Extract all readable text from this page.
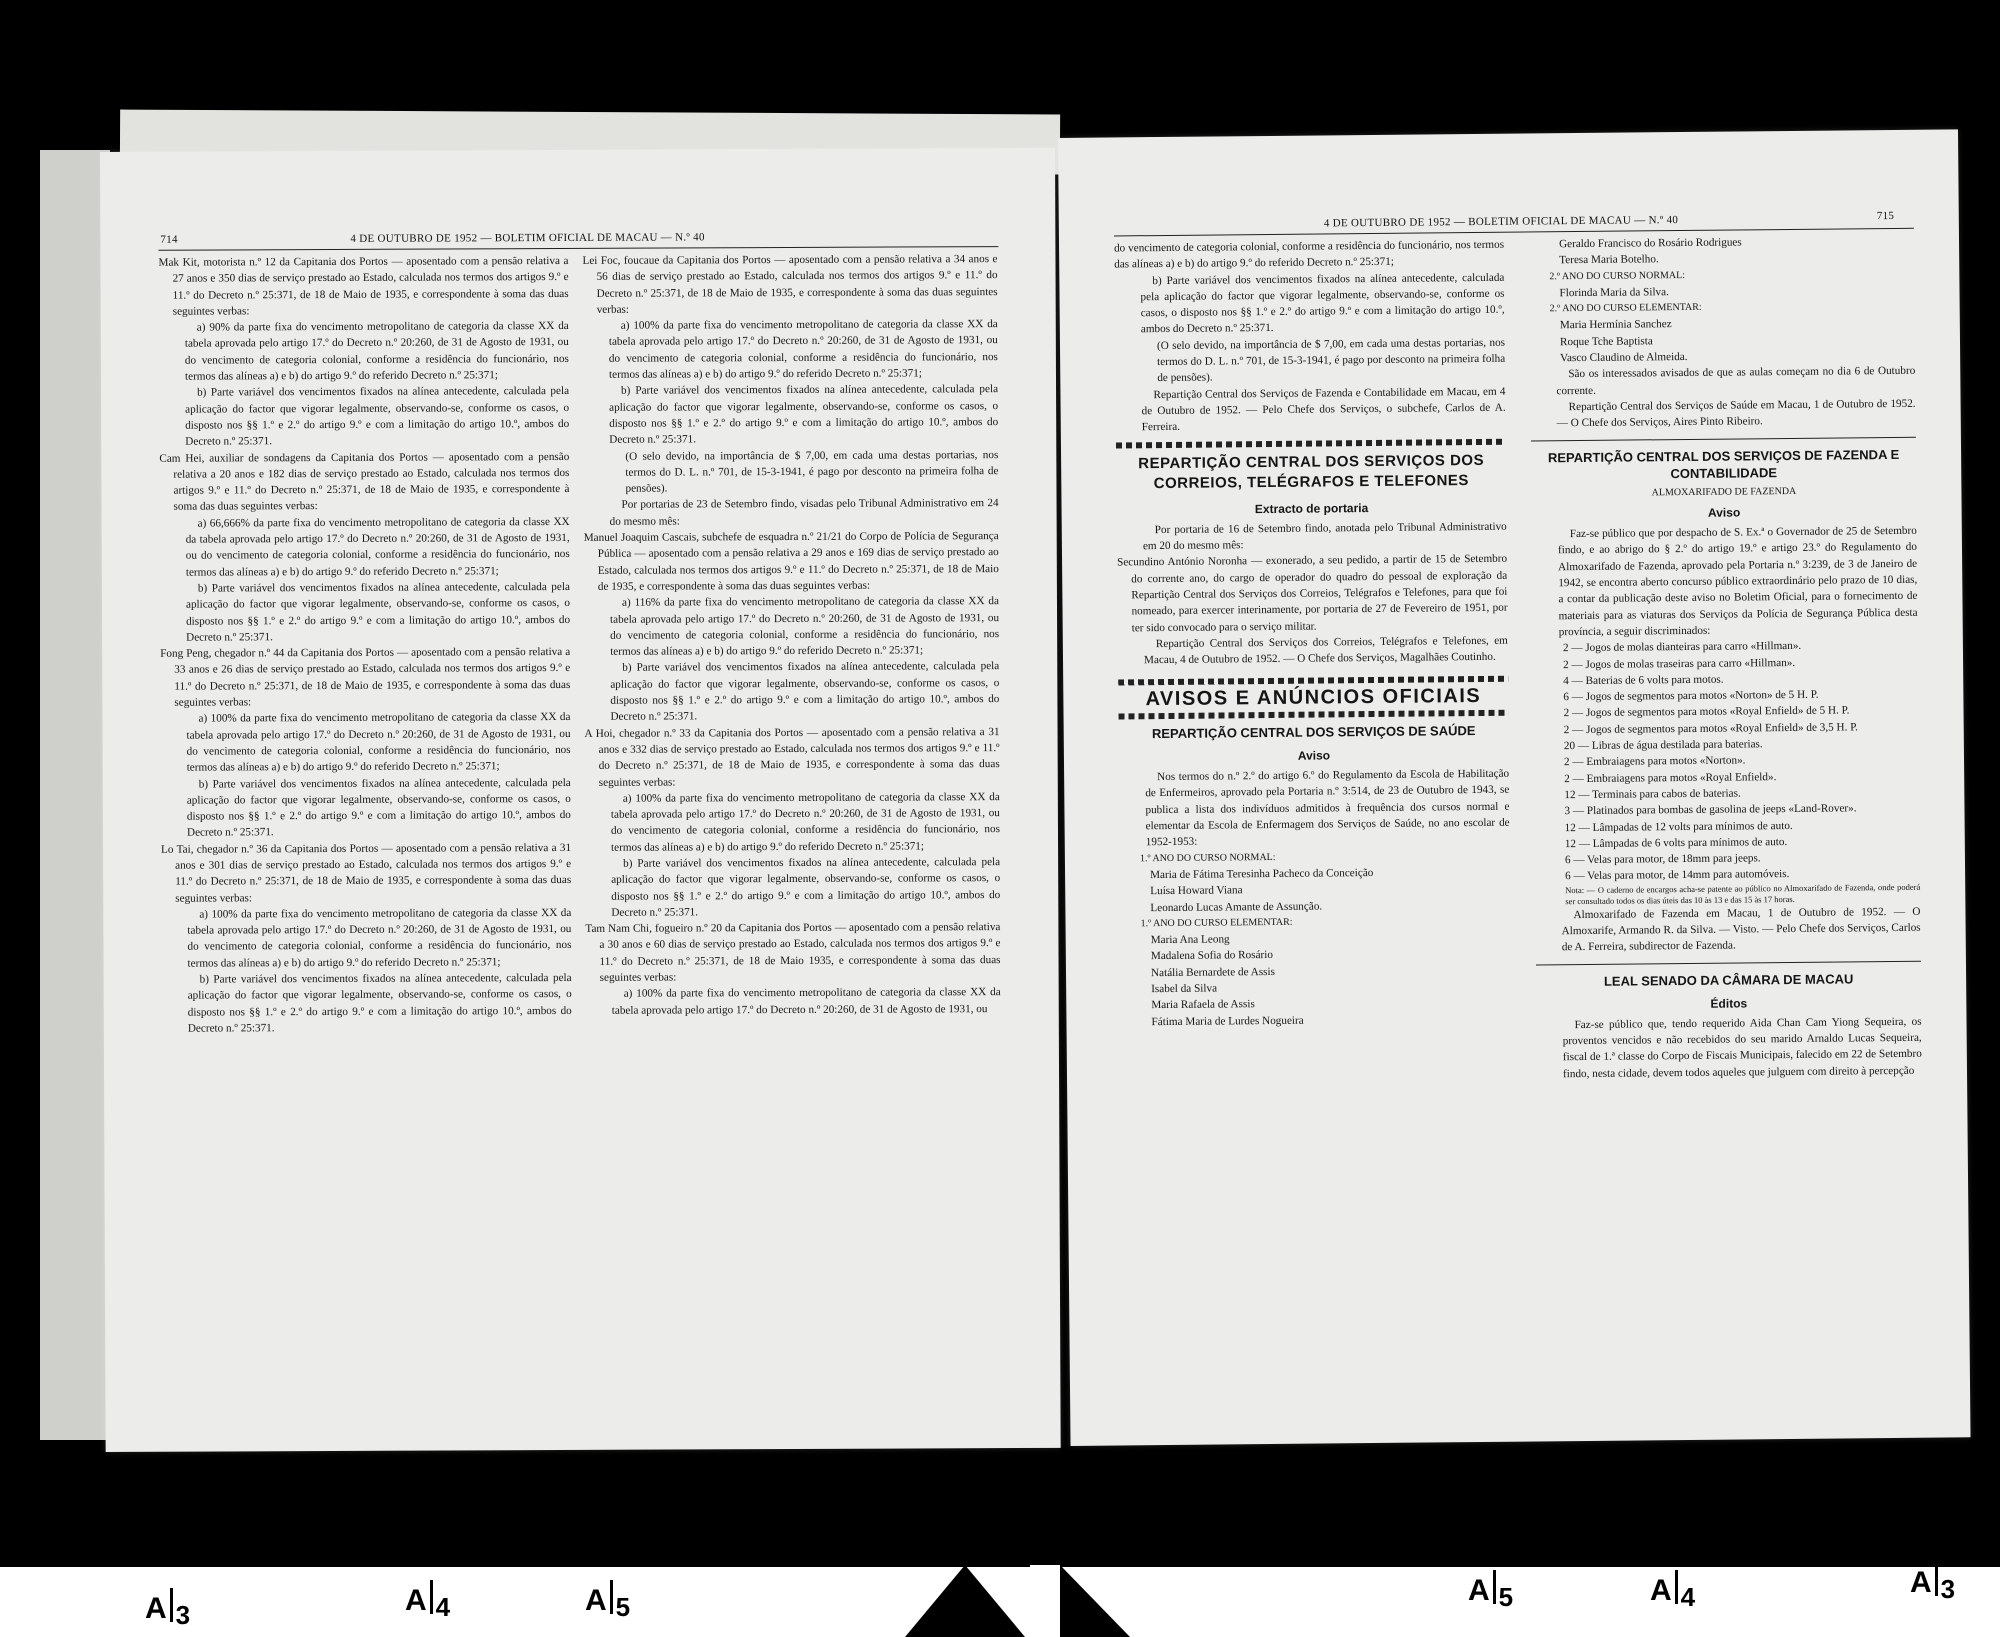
714	4 DE OUTUBRO DE 1952 — BOLETIM OFICIAL DE MACAU — N.º 40

Mak Kit, motorista n.º 12 da Capitania dos Portos — aposentado com a pensão relativa a 27 anos e 350 dias de serviço prestado ao Estado, calculada nos termos dos artigos 9.º e 11.º do Decreto n.º 25:371, de 18 de Maio de 1935, e correspondente à soma das duas seguintes verbas:

a) 90% da parte fixa do vencimento metropolitano de categoria da classe XX da tabela aprovada pelo artigo 17.º do Decreto n.º 20:260, de 31 de Agosto de 1931, ou do vencimento de categoria colonial, conforme a residência do funcionário, nos termos das alíneas a) e b) do artigo 9.º do referido Decreto n.º 25:371;

b) Parte variável dos vencimentos fixados na alínea antecedente, calculada pela aplicação do factor que vigorar legalmente, observando-se, conforme os casos, o disposto nos §§ 1.º e 2.º do artigo 9.º e com a limitação do artigo 10.º, ambos do Decreto n.º 25:371.

Cam Hei, auxiliar de sondagens da Capitania dos Portos — aposentado com a pensão relativa a 20 anos e 182 dias de serviço prestado ao Estado, calculada nos termos dos artigos 9.º e 11.º do Decreto n.º 25:371, de 18 de Maio de 1935, e correspondente à soma das duas seguintes verbas:

a) 66,666% da parte fixa do vencimento metropolitano de categoria da classe XX da tabela aprovada pelo artigo 17.º do Decreto n.º 20:260, de 31 de Agosto de 1931, ou do vencimento de categoria colonial, conforme a residência do funcionário, nos termos das alíneas a) e b) do artigo 9.º do referido Decreto n.º 25:371;

b) Parte variável dos vencimentos fixados na alínea antecedente, calculada pela aplicação do factor que vigorar legalmente, observando-se, conforme os casos, o disposto nos §§ 1.º e 2.º do artigo 9.º e com a limitação do artigo 10.º, ambos do Decreto n.º 25:371.

Fong Peng, chegador n.º 44 da Capitania dos Portos — aposentado com a pensão relativa a 33 anos e 26 dias de serviço prestado ao Estado, calculada nos termos dos artigos 9.º e 11.º do Decreto n.º 25:371, de 18 de Maio de 1935, e correspondente à soma das duas seguintes verbas:

a) 100% da parte fixa do vencimento metropolitano de categoria da classe XX da tabela aprovada pelo artigo 17.º do Decreto n.º 20:260, de 31 de Agosto de 1931, ou do vencimento de categoria colonial, conforme a residência do funcionário, nos termos das alíneas a) e b) do artigo 9.º do referido Decreto n.º 25:371;

b) Parte variável dos vencimentos fixados na alínea antecedente, calculada pela aplicação do factor que vigorar legalmente, observando-se, conforme os casos, o disposto nos §§ 1.º e 2.º do artigo 9.º e com a limitação do artigo 10.º, ambos do Decreto n.º 25:371.

Lo Tai, chegador n.º 36 da Capitania dos Portos — aposentado com a pensão relativa a 31 anos e 301 dias de serviço prestado ao Estado, calculada nos termos dos artigos 9.º e 11.º do Decreto n.º 25:371, de 18 de Maio de 1935, e correspondente à soma das duas seguintes verbas:

a) 100% da parte fixa do vencimento metropolitano de categoria da classe XX da tabela aprovada pelo artigo 17.º do Decreto n.º 20:260, de 31 de Agosto de 1931, ou do vencimento de categoria colonial, conforme a residência do funcionário, nos termos das alíneas a) e b) do artigo 9.º do referido Decreto n.º 25:371;

b) Parte variável dos vencimentos fixados na alínea antecedente, calculada pela aplicação do factor que vigorar legalmente, observando-se, conforme os casos, o disposto nos §§ 1.º e 2.º do artigo 9.º e com a limitação do artigo 10.º, ambos do Decreto n.º 25:371.

Lei Foc, foucaue da Capitania dos Portos — aposentado com a pensão relativa a 34 anos e 56 dias de serviço prestado ao Estado, calculada nos termos dos artigos 9.º e 11.º do Decreto n.º 25:371, de 18 de Maio de 1935, e correspondente à soma das duas seguintes verbas:

a) 100% da parte fixa do vencimento metropolitano de categoria da classe XX da tabela aprovada pelo artigo 17.º do Decreto n.º 20:260, de 31 de Agosto de 1931, ou do vencimento de categoria colonial, conforme a residência do funcionário, nos termos das alíneas a) e b) do artigo 9.º do referido Decreto n.º 25:371;

b) Parte variável dos vencimentos fixados na alínea antecedente, calculada pela aplicação do factor que vigorar legalmente, observando-se, conforme os casos, o disposto nos §§ 1.º e 2.º do artigo 9.º e com a limitação do artigo 10.º, ambos do Decreto n.º 25:371.

(O selo devido, na importância de $ 7,00, em cada uma destas portarias, nos termos do D. L. n.º 701, de 15-3-1941, é pago por desconto na primeira folha de pensões).

Por portarias de 23 de Setembro findo, visadas pelo Tribunal Administrativo em 24 do mesmo mês:

Manuel Joaquim Cascais, subchefe de esquadra n.º 21/21 do Corpo de Polícia de Segurança Pública — aposentado com a pensão relativa a 29 anos e 169 dias de serviço prestado ao Estado, calculada nos termos dos artigos 9.º e 11.º do Decreto n.º 25:371, de 18 de Maio de 1935, e correspondente à soma das duas seguintes verbas:

a) 116% da parte fixa do vencimento metropolitano de categoria da classe XX da tabela aprovada pelo artigo 17.º do Decreto n.º 20:260, de 31 de Agosto de 1931, ou do vencimento de categoria colonial, conforme a residência do funcionário, nos termos das alíneas a) e b) do artigo 9.º do referido Decreto n.º 25:371;

b) Parte variável dos vencimentos fixados na alínea antecedente, calculada pela aplicação do factor que vigorar legalmente, observando-se, conforme os casos, o disposto nos §§ 1.º e 2.º do artigo 9.º e com a limitação do artigo 10.º, ambos do Decreto n.º 25:371.

A Hoi, chegador n.º 33 da Capitania dos Portos — aposentado com a pensão relativa a 31 anos e 332 dias de serviço prestado ao Estado, calculada nos termos dos artigos 9.º e 11.º do Decreto n.º 25:371, de 18 de Maio de 1935, e correspondente à soma das duas seguintes verbas:

a) 100% da parte fixa do vencimento metropolitano de categoria da classe XX da tabela aprovada pelo artigo 17.º do Decreto n.º 20:260, de 31 de Agosto de 1931, ou do vencimento de categoria colonial, conforme a residência do funcionário, nos termos das alíneas a) e b) do artigo 9.º do referido Decreto n.º 25:371;

b) Parte variável dos vencimentos fixados na alínea antecedente, calculada pela aplicação do factor que vigorar legalmente, observando-se, conforme os casos, o disposto nos §§ 1.º e 2.º do artigo 9.º e com a limitação do artigo 10.º, ambos do Decreto n.º 25:371.

Tam Nam Chi, fogueiro n.º 20 da Capitania dos Portos — aposentado com a pensão relativa a 30 anos e 60 dias de serviço prestado ao Estado, calculada nos termos dos artigos 9.º e 11.º do Decreto n.º 25:371, de 18 de Maio 1935, e correspondente à soma das duas seguintes verbas:

a) 100% da parte fixa do vencimento metropolitano de categoria da classe XX da tabela aprovada pelo artigo 17.º do Decreto n.º 20:260, de 31 de Agosto de 1931, ou

4 DE OUTUBRO DE 1952 — BOLETIM OFICIAL DE MACAU — N.º 40	715

do vencimento de categoria colonial, conforme a residência do funcionário, nos termos das alíneas a) e b) do artigo 9.º do referido Decreto n.º 25:371;

b) Parte variável dos vencimentos fixados na alínea antecedente, calculada pela aplicação do factor que vigorar legalmente, observando-se, conforme os casos, o disposto nos §§ 1.º e 2.º do artigo 9.º e com a limitação do artigo 10.º, ambos do Decreto n.º 25:371.

(O selo devido, na importância de $ 7,00, em cada uma destas portarias, nos termos do D. L. n.º 701, de 15-3-1941, é pago por desconto na primeira folha de pensões).

Repartição Central dos Serviços de Fazenda e Contabilidade em Macau, em 4 de Outubro de 1952. — Pelo Chefe dos Serviços, o subchefe, Carlos de A. Ferreira.

REPARTIÇÃO CENTRAL DOS SERVIÇOS DOS CORREIOS, TELÉGRAFOS E TELEFONES
Extracto de portaria

Por portaria de 16 de Setembro findo, anotada pelo Tribunal Administrativo em 20 do mesmo mês:

Secundino António Noronha — exonerado, a seu pedido, a partir de 15 de Setembro do corrente ano, do cargo de operador do quadro do pessoal de exploração da Repartição Central dos Serviços dos Correios, Telégrafos e Telefones, para que foi nomeado, para exercer interinamente, por portaria de 27 de Fevereiro de 1951, por ter sido convocado para o serviço militar.

Repartição Central dos Serviços dos Correios, Telégrafos e Telefones, em Macau, 4 de Outubro de 1952. — O Chefe dos Serviços, Magalhães Coutinho.

AVISOS E ANÚNCIOS OFICIAIS
REPARTIÇÃO CENTRAL DOS SERVIÇOS DE SAÚDE
Aviso

Nos termos do n.º 2.º do artigo 6.º do Regulamento da Escola de Habilitação de Enfermeiros, aprovado pela Portaria n.º 3:514, de 23 de Outubro de 1943, se publica a lista dos indivíduos admitidos à frequência dos cursos normal e elementar da Escola de Enfermagem dos Serviços de Saúde, no ano escolar de 1952-1953:

1.º ANO DO CURSO NORMAL:

Maria de Fátima Teresinha Pacheco da Conceição

Luísa Howard Viana

Leonardo Lucas Amante de Assunção.

1.º ANO DO CURSO ELEMENTAR:

Maria Ana Leong

Madalena Sofia do Rosário

Natália Bernardete de Assis

Isabel da Silva

Maria Rafaela de Assis

Fátima Maria de Lurdes Nogueira

Geraldo Francisco do Rosário Rodrigues

Teresa Maria Botelho.

2.º ANO DO CURSO NORMAL:

Florinda Maria da Silva.

2.º ANO DO CURSO ELEMENTAR:

Maria Hermínia Sanchez

Roque Tche Baptista

Vasco Claudino de Almeida.

São os interessados avisados de que as aulas começam no dia 6 de Outubro corrente.

Repartição Central dos Serviços de Saúde em Macau, 1 de Outubro de 1952. — O Chefe dos Serviços, Aires Pinto Ribeiro.

REPARTIÇÃO CENTRAL DOS SERVIÇOS DE FAZENDA E CONTABILIDADE
ALMOXARIFADO DE FAZENDA
Aviso

Faz-se público que por despacho de S. Ex.ª o Governador de 25 de Setembro findo, e ao abrigo do § 2.º do artigo 19.º e artigo 23.º do Regulamento do Almoxarifado de Fazenda, aprovado pela Portaria n.º 3:239, de 3 de Janeiro de 1942, se encontra aberto concurso público extraordinário pelo prazo de 10 dias, a contar da publicação deste aviso no Boletim Oficial, para o fornecimento de materiais para as viaturas dos Serviços da Polícia de Segurança Pública desta província, a seguir discriminados:

2 — Jogos de molas dianteiras para carro «Hillman».

2 — Jogos de molas traseiras para carro «Hillman».

4 — Baterias de 6 volts para motos.

6 — Jogos de segmentos para motos «Norton» de 5 H. P.

2 — Jogos de segmentos para motos «Royal Enfield» de 5 H. P.

2 — Jogos de segmentos para motos «Royal Enfield» de 3,5 H. P.

20 — Libras de água destilada para baterias.

2 — Embraiagens para motos «Norton».

2 — Embraiagens para motos «Royal Enfield».

12 — Terminais para cabos de baterias.

3 — Platinados para bombas de gasolina de jeeps «Land-Rover».

12 — Lâmpadas de 12 volts para mínimos de auto.

12 — Lâmpadas de 6 volts para mínimos de auto.

6 — Velas para motor, de 18mm para jeeps.

6 — Velas para motor, de 14mm para automóveis.

Nota: — O caderno de encargos acha-se patente ao público no Almoxarifado de Fazenda, onde poderá ser consultado todos os dias úteis das 10 às 13 e das 15 às 17 horas.

Almoxarifado de Fazenda em Macau, 1 de Outubro de 1952. — O Almoxarife, Armando R. da Silva. — Visto. — Pelo Chefe dos Serviços, Carlos de A. Ferreira, subdirector de Fazenda.

LEAL SENADO DA CÂMARA DE MACAU
Éditos

Faz-se público que, tendo requerido Aida Chan Cam Yiong Sequeira, os proventos vencidos e não recebidos do seu marido Arnaldo Lucas Sequeira, fiscal de 1.ª classe do Corpo de Fiscais Municipais, falecido em 22 de Setembro findo, nesta cidade, devem todos aqueles que julguem com direito à percepção

A 3	A 4	A 5	A 5	A 4	A 3
